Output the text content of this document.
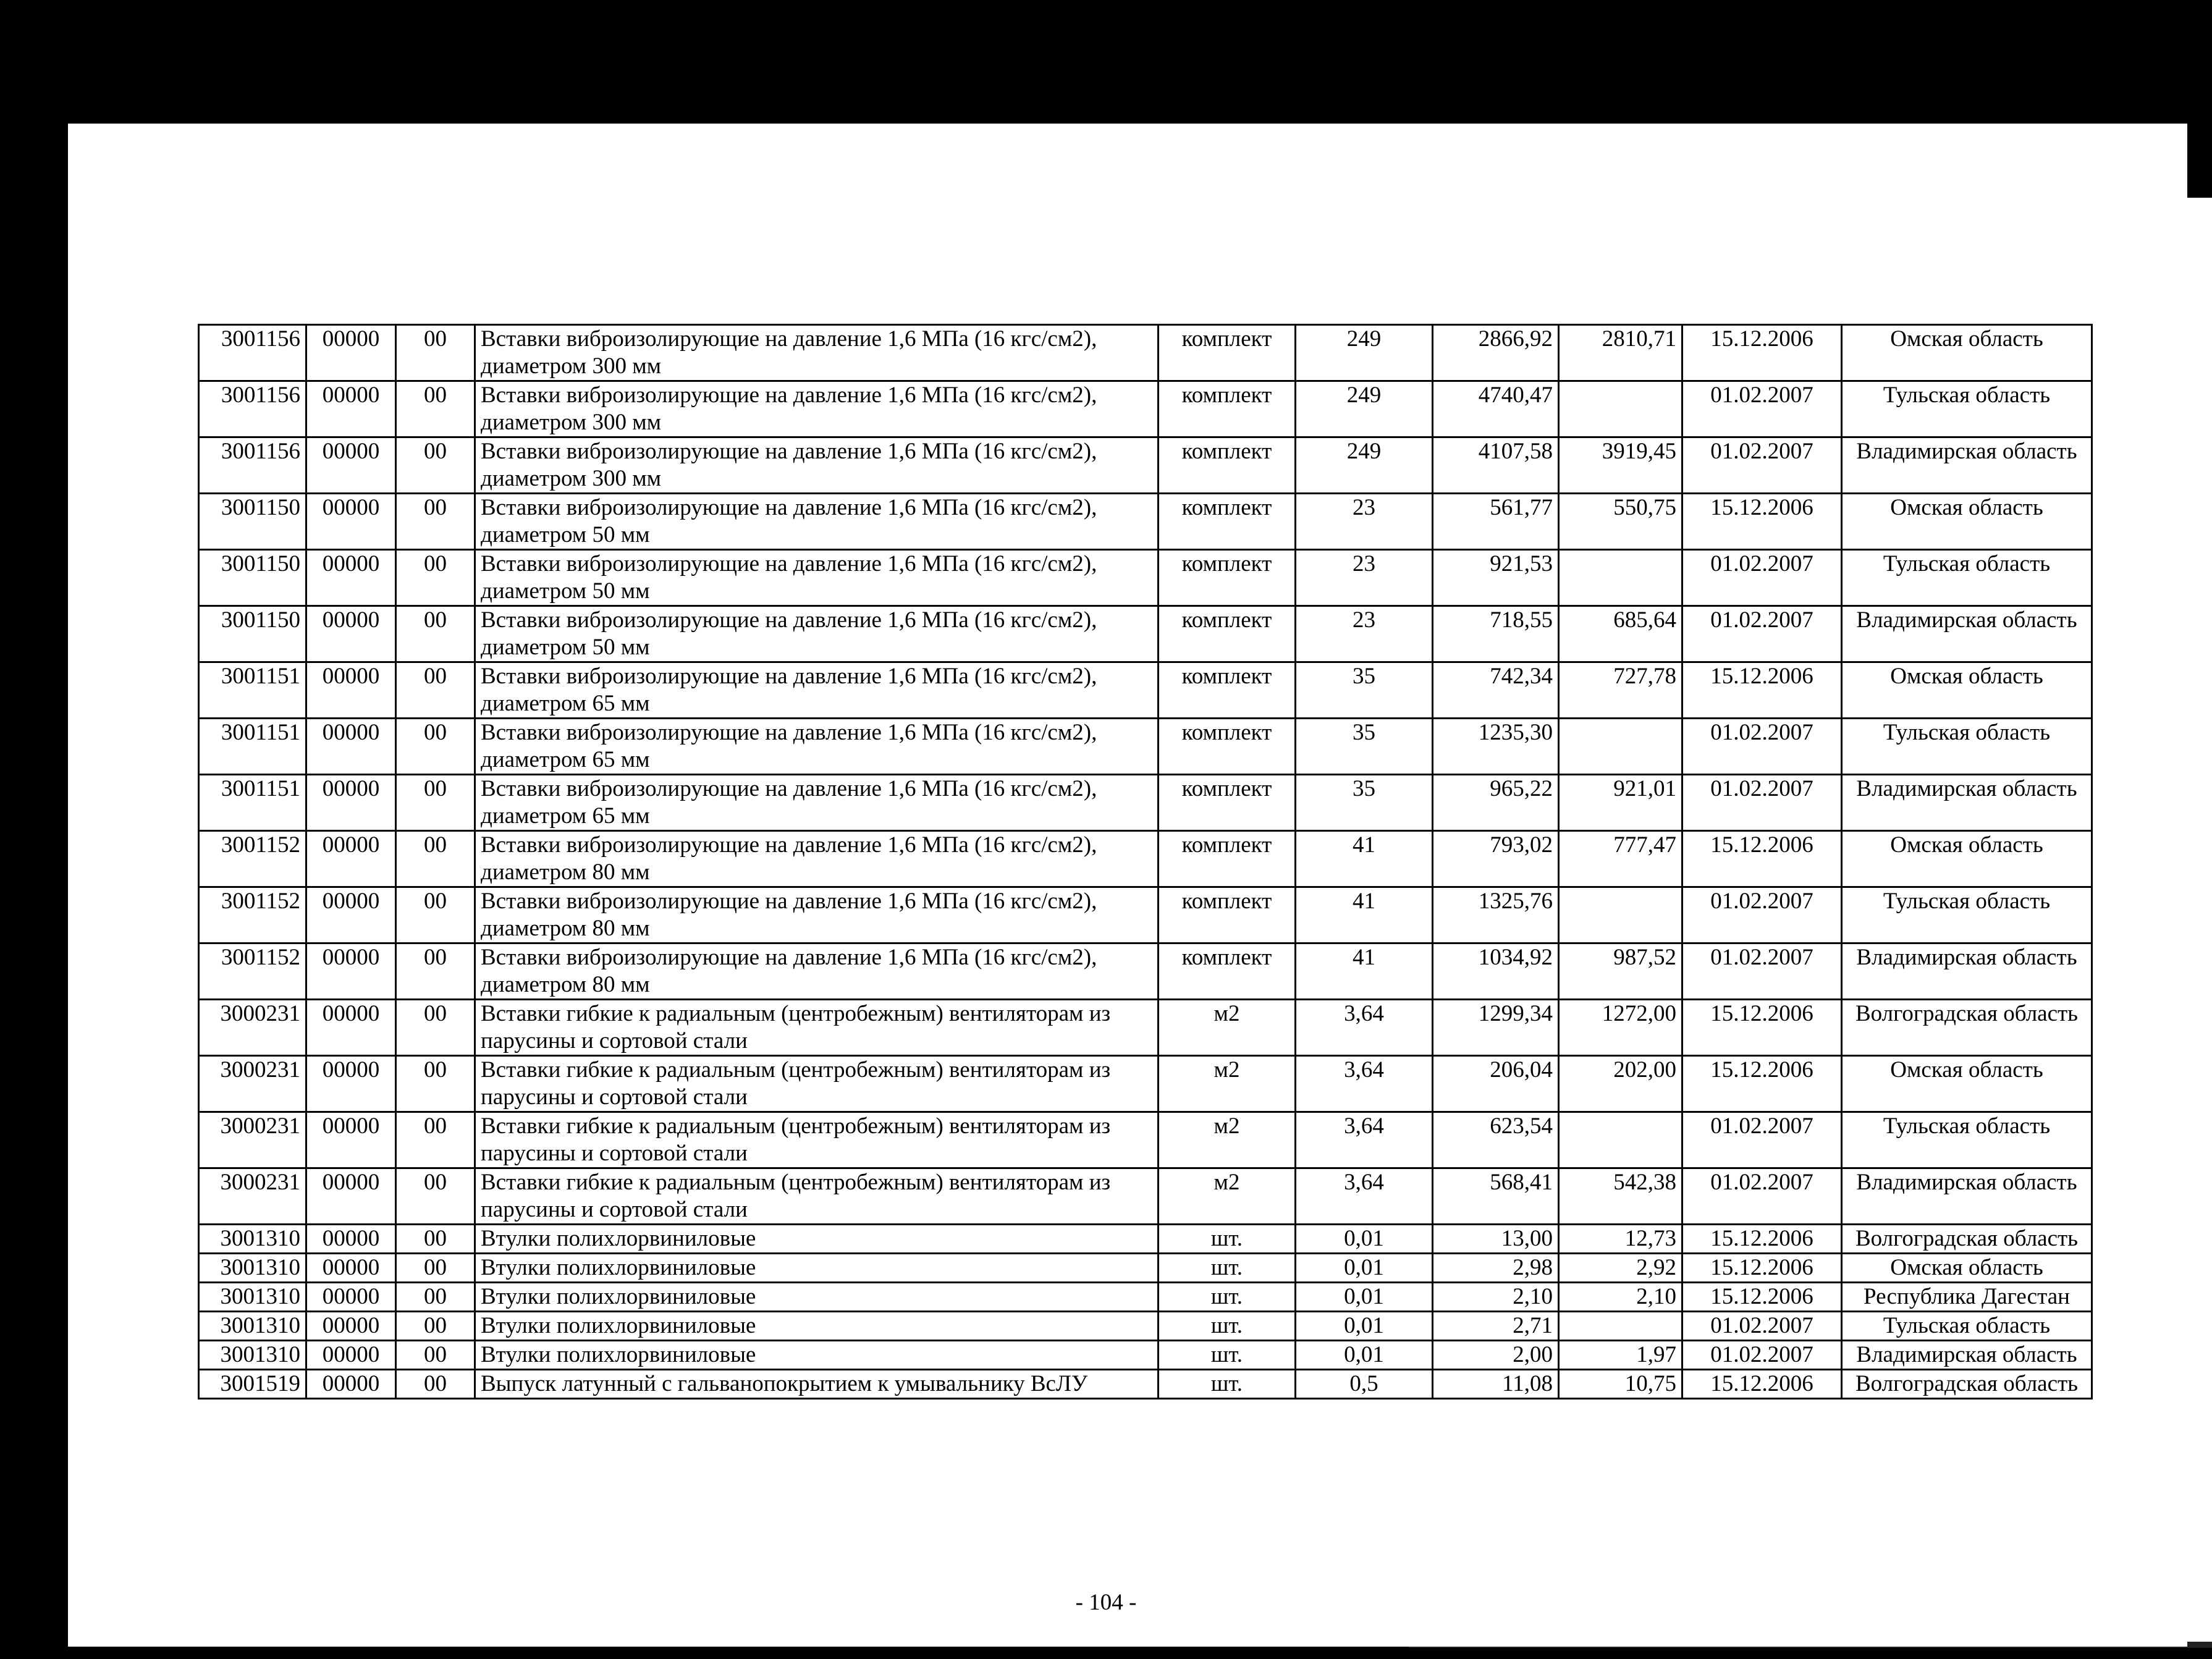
3001156	00000	00	Вставки виброизолирующие на давление 1,6 МПа (16 кгс/см2), диаметром 300 мм	комплект	249	2866,92	2810,71	15.12.2006	Омская область
3001156	00000	00	Вставки виброизолирующие на давление 1,6 МПа (16 кгс/см2), диаметром 300 мм	комплект	249	4740,47		01.02.2007	Тульская область
3001156	00000	00	Вставки виброизолирующие на давление 1,6 МПа (16 кгс/см2), диаметром 300 мм	комплект	249	4107,58	3919,45	01.02.2007	Владимирская область
3001150	00000	00	Вставки виброизолирующие на давление 1,6 МПа (16 кгс/см2), диаметром 50 мм	комплект	23	561,77	550,75	15.12.2006	Омская область
3001150	00000	00	Вставки виброизолирующие на давление 1,6 МПа (16 кгс/см2), диаметром 50 мм	комплект	23	921,53		01.02.2007	Тульская область
3001150	00000	00	Вставки виброизолирующие на давление 1,6 МПа (16 кгс/см2), диаметром 50 мм	комплект	23	718,55	685,64	01.02.2007	Владимирская область
3001151	00000	00	Вставки виброизолирующие на давление 1,6 МПа (16 кгс/см2), диаметром 65 мм	комплект	35	742,34	727,78	15.12.2006	Омская область
3001151	00000	00	Вставки виброизолирующие на давление 1,6 МПа (16 кгс/см2), диаметром 65 мм	комплект	35	1235,30		01.02.2007	Тульская область
3001151	00000	00	Вставки виброизолирующие на давление 1,6 МПа (16 кгс/см2), диаметром 65 мм	комплект	35	965,22	921,01	01.02.2007	Владимирская область
3001152	00000	00	Вставки виброизолирующие на давление 1,6 МПа (16 кгс/см2), диаметром 80 мм	комплект	41	793,02	777,47	15.12.2006	Омская область
3001152	00000	00	Вставки виброизолирующие на давление 1,6 МПа (16 кгс/см2), диаметром 80 мм	комплект	41	1325,76		01.02.2007	Тульская область
3001152	00000	00	Вставки виброизолирующие на давление 1,6 МПа (16 кгс/см2), диаметром 80 мм	комплект	41	1034,92	987,52	01.02.2007	Владимирская область
3000231	00000	00	Вставки гибкие к радиальным (центробежным) вентиляторам из парусины и сортовой стали	м2	3,64	1299,34	1272,00	15.12.2006	Волгоградская область
3000231	00000	00	Вставки гибкие к радиальным (центробежным) вентиляторам из парусины и сортовой стали	м2	3,64	206,04	202,00	15.12.2006	Омская область
3000231	00000	00	Вставки гибкие к радиальным (центробежным) вентиляторам из парусины и сортовой стали	м2	3,64	623,54		01.02.2007	Тульская область
3000231	00000	00	Вставки гибкие к радиальным (центробежным) вентиляторам из парусины и сортовой стали	м2	3,64	568,41	542,38	01.02.2007	Владимирская область
3001310	00000	00	Втулки полихлорвиниловые	шт.	0,01	13,00	12,73	15.12.2006	Волгоградская область
3001310	00000	00	Втулки полихлорвиниловые	шт.	0,01	2,98	2,92	15.12.2006	Омская область
3001310	00000	00	Втулки полихлорвиниловые	шт.	0,01	2,10	2,10	15.12.2006	Республика Дагестан
3001310	00000	00	Втулки полихлорвиниловые	шт.	0,01	2,71		01.02.2007	Тульская область
3001310	00000	00	Втулки полихлорвиниловые	шт.	0,01	2,00	1,97	01.02.2007	Владимирская область
3001519	00000	00	Выпуск латунный с гальванопокрытием к умывальнику ВсЛУ	шт.	0,5	11,08	10,75	15.12.2006	Волгоградская область
- 104 -
